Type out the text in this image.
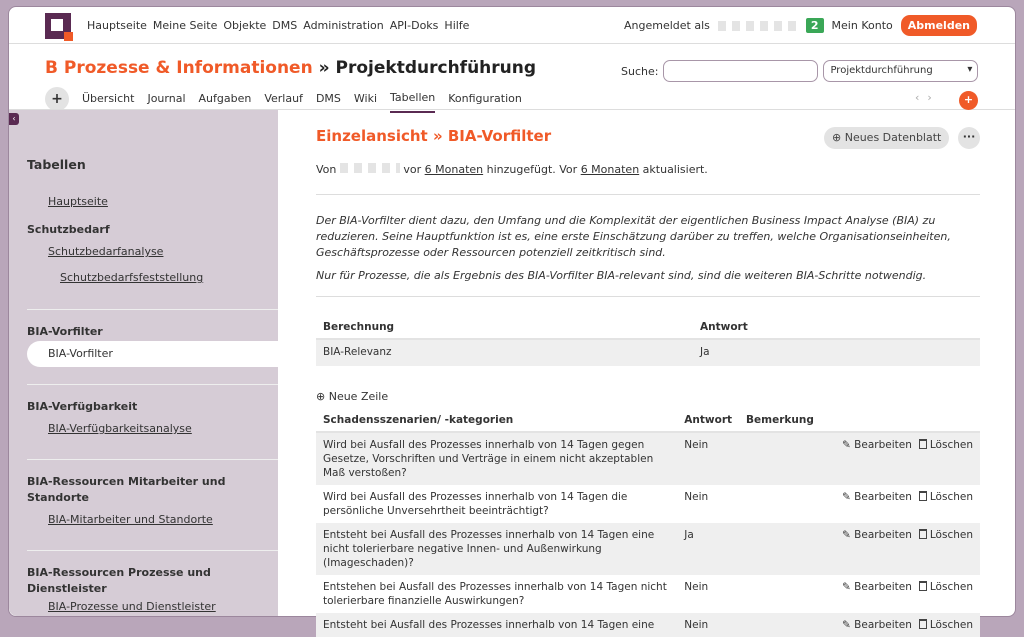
Hauptseite Meine Seite Objekte DMS Administration API-Doks Hilfe	Angemeldet als	2	Mein Konto	Abmelden
B Prozesse & Informationen » Projektdurchführung	Suche:	Projektdurchführung ▾
+	Übersicht Journal Aufgaben Verlauf DMS Wiki Tabellen Konfiguration	‹›	+
‹
Tabellen
Hauptseite
Schutzbedarf
Schutzbedarfanalyse
Schutzbedarfsfeststellung
BIA-Vorfilter
BIA-Vorfilter
BIA-Verfügbarkeit
BIA-Verfügbarkeitsanalyse
BIA-Ressourcen Mitarbeiter und Standorte
BIA-Mitarbeiter und Standorte
BIA-Ressourcen Prozesse und Dienstleister
BIA-Prozesse und Dienstleister
Einzelansicht » BIA-Vorfilter	⊕ Neues Datenblatt	···
Von	vor 6 Monaten hinzugefügt. Vor 6 Monaten aktualisiert.

Der BIA-Vorfilter dient dazu, den Umfang und die Komplexität der eigentlichen Business Impact Analyse (BIA) zu reduzieren. Seine Hauptfunktion ist es, eine erste Einschätzung darüber zu treffen, welche Organisationseinheiten, Geschäftsprozesse oder Ressourcen potenziell zeitkritisch sind.

Nur für Prozesse, die als Ergebnis des BIA-Vorfilter BIA-relevant sind, sind die weiteren BIA-Schritte notwendig.

Berechnung	Antwort
BIA-Relevanz	Ja
⊕ Neue Zeile
Schadensszenarien/ -kategorien	Antwort	Bemerkung	
Wird bei Ausfall des Prozesses innerhalb von 14 Tagen gegen Gesetze, Vorschriften und Verträge in einem nicht akzeptablen Maß verstoßen?	Nein		✎ Bearbeiten Löschen
Wird bei Ausfall des Prozesses innerhalb von 14 Tagen die persönliche Unversehrtheit beeinträchtigt?	Nein		✎ Bearbeiten Löschen
Entsteht bei Ausfall des Prozesses innerhalb von 14 Tagen eine nicht tolerierbare negative Innen- und Außenwirkung (Imageschaden)?	Ja		✎ Bearbeiten Löschen
Entstehen bei Ausfall des Prozesses innerhalb von 14 Tagen nicht tolerierbare finanzielle Auswirkungen?	Nein		✎ Bearbeiten Löschen
Entsteht bei Ausfall des Prozesses innerhalb von 14 Tagen eine	Nein		✎ Bearbeiten Löschen
